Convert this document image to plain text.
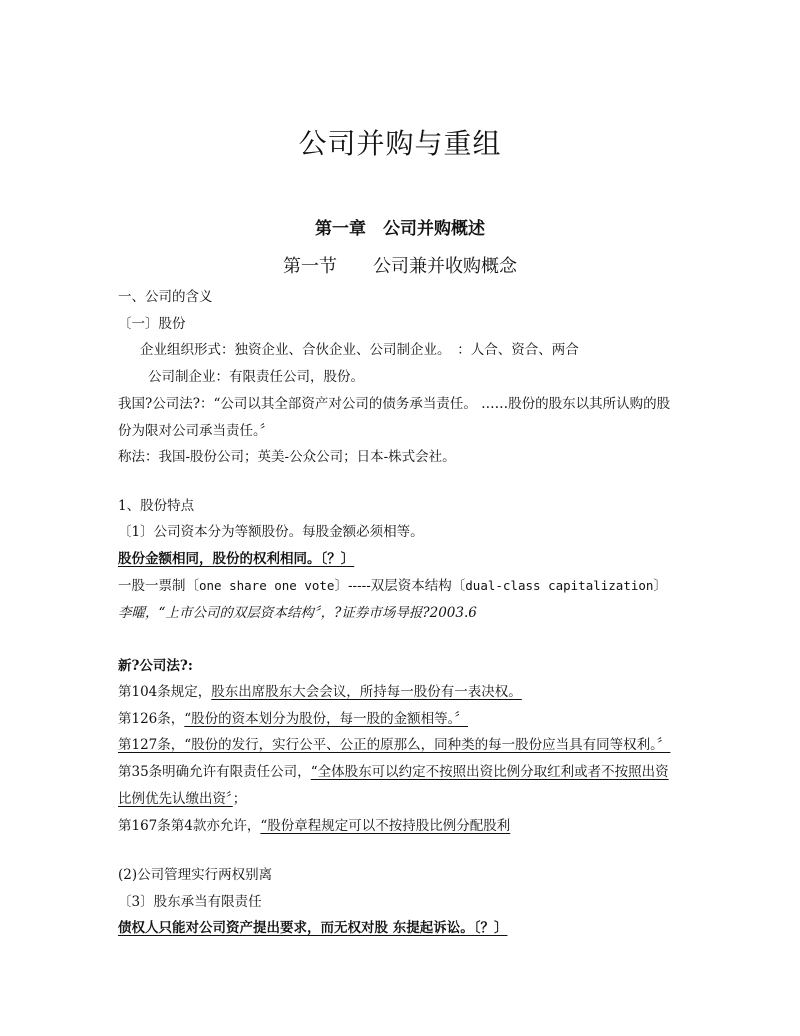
公司并购与重组
第一章　公司并购概述
第一节　　公司兼并收购概念
一、公司的含义
〔一〕股份
企业组织形式：独资企业、合伙企业、公司制企业。　：人合、资合、两合
公司制企业：有限责任公司，股份。
我国?公司法?：“公司以其全部资产对公司的债务承当责任。 ……股份的股东以其所认购的股
份为限对公司承当责任。〞
称法：我国-股份公司；英美-公众公司；日本-株式会社。
1、股份特点
〔1〕公司资本分为等额股份。每股金额必须相等。
股份金额相同，股份的权利相同。〔？〕
一股一票制〔one share one vote〕-----双层资本结构〔dual-class capitalization〕
李曜，“上市公司的双层资本结构〞，?证券市场导报?2003.6
新?公司法?:
第104条规定，股东出席股东大会会议，所持每一股份有一表决权。
第126条，“股份的资本划分为股份，每一股的金额相等。〞
第127条，“股份的发行，实行公平、公正的原那么，同种类的每一股份应当具有同等权利。〞
第35条明确允许有限责任公司，“全体股东可以约定不按照出资比例分取红利或者不按照出资
比例优先认缴出资〞；
第167条第4款亦允许，“股份章程规定可以不按持股比例分配股利
(2)公司管理实行两权别离
〔3〕股东承当有限责任
债权人只能对公司资产提出要求，而无权对股 东提起诉讼。〔？〕
